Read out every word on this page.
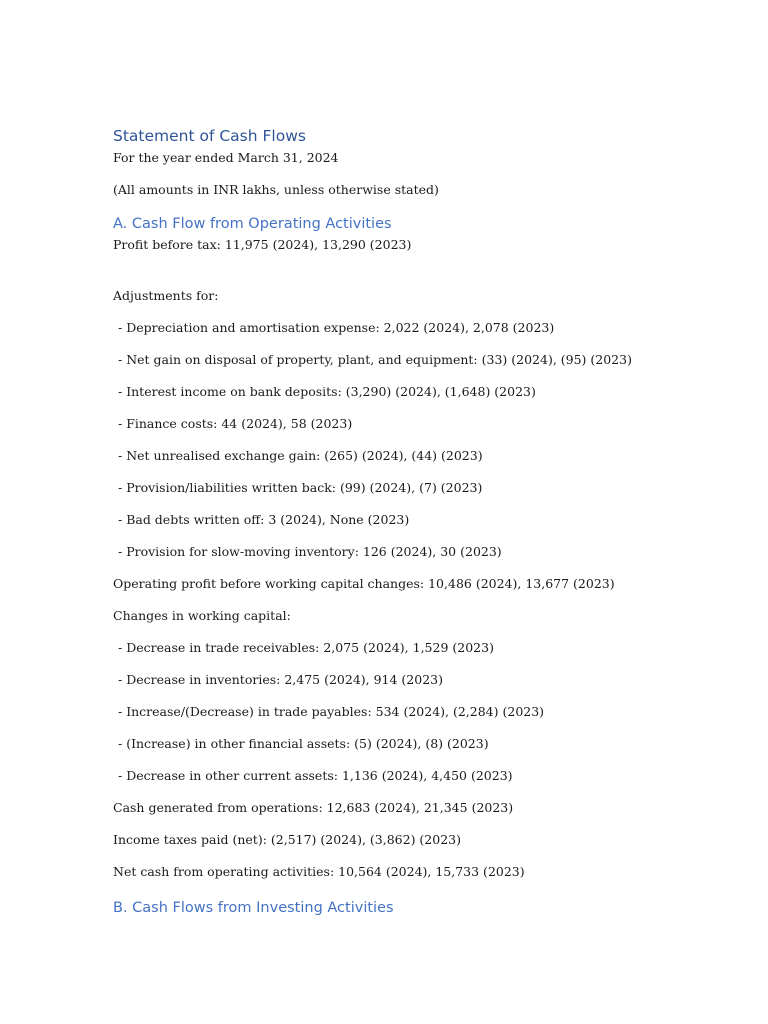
Statement of Cash Flows
For the year ended March 31, 2024
(All amounts in INR lakhs, unless otherwise stated)
A. Cash Flow from Operating Activities
Profit before tax: 11,975 (2024), 13,290 (2023)
Adjustments for:
- Depreciation and amortisation expense: 2,022 (2024), 2,078 (2023)
- Net gain on disposal of property, plant, and equipment: (33) (2024), (95) (2023)
- Interest income on bank deposits: (3,290) (2024), (1,648) (2023)
- Finance costs: 44 (2024), 58 (2023)
- Net unrealised exchange gain: (265) (2024), (44) (2023)
- Provision/liabilities written back: (99) (2024), (7) (2023)
- Bad debts written off: 3 (2024), None (2023)
- Provision for slow-moving inventory: 126 (2024), 30 (2023)
Operating profit before working capital changes: 10,486 (2024), 13,677 (2023)
Changes in working capital:
- Decrease in trade receivables: 2,075 (2024), 1,529 (2023)
- Decrease in inventories: 2,475 (2024), 914 (2023)
- Increase/(Decrease) in trade payables: 534 (2024), (2,284) (2023)
- (Increase) in other financial assets: (5) (2024), (8) (2023)
- Decrease in other current assets: 1,136 (2024), 4,450 (2023)
Cash generated from operations: 12,683 (2024), 21,345 (2023)
Income taxes paid (net): (2,517) (2024), (3,862) (2023)
Net cash from operating activities: 10,564 (2024), 15,733 (2023)
B. Cash Flows from Investing Activities
